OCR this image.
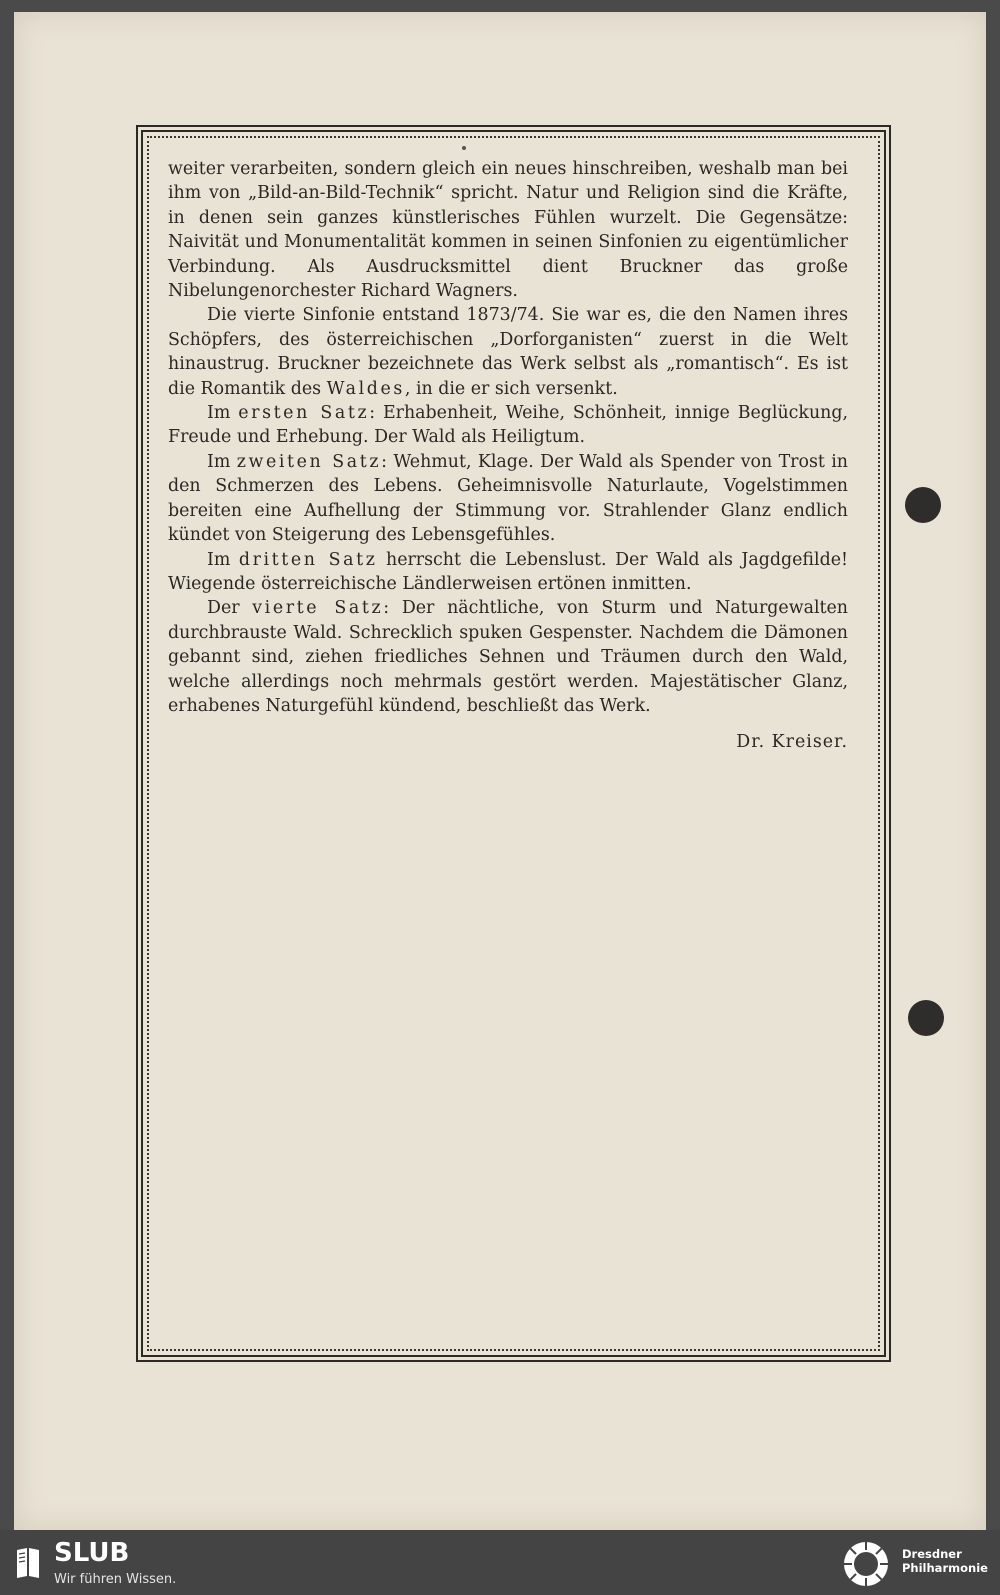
weiter verarbeiten, sondern gleich ein neues hinschreiben, weshalb man bei ihm von „Bild-an-Bild-Technik“ spricht. Natur und Religion sind die Kräfte, in denen sein ganzes künstlerisches Fühlen wurzelt. Die Gegensätze: Naivität und Monumentalität kommen in seinen Sinfonien zu eigentümlicher Verbindung. Als Ausdrucksmittel dient Bruckner das große Nibelungenorchester Richard Wagners.

Die vierte Sinfonie entstand 1873/74. Sie war es, die den Namen ihres Schöpfers, des österreichischen „Dorforganisten“ zuerst in die Welt hinaustrug. Bruckner bezeichnete das Werk selbst als „romantisch“. Es ist die Romantik des Waldes, in die er sich versenkt.

Im ersten Satz: Erhabenheit, Weihe, Schönheit, innige Beglückung, Freude und Erhebung. Der Wald als Heiligtum.

Im zweiten Satz: Wehmut, Klage. Der Wald als Spender von Trost in den Schmerzen des Lebens. Geheimnisvolle Naturlaute, Vogelstimmen bereiten eine Aufhellung der Stimmung vor. Strahlender Glanz endlich kündet von Steigerung des Lebensgefühles.

Im dritten Satz herrscht die Lebenslust. Der Wald als Jagdgefilde! Wiegende österreichische Ländlerweisen ertönen inmitten.

Der vierte Satz: Der nächtliche, von Sturm und Naturgewalten durchbrauste Wald. Schrecklich spuken Gespenster. Nachdem die Dämonen gebannt sind, ziehen friedliches Sehnen und Träumen durch den Wald, welche allerdings noch mehrmals gestört werden. Majestätischer Glanz, erhabenes Naturgefühl kündend, beschließt das Werk.

Dr. Kreiser.
SLUB
Wir führen Wissen.
Dresdner
Philharmonie
